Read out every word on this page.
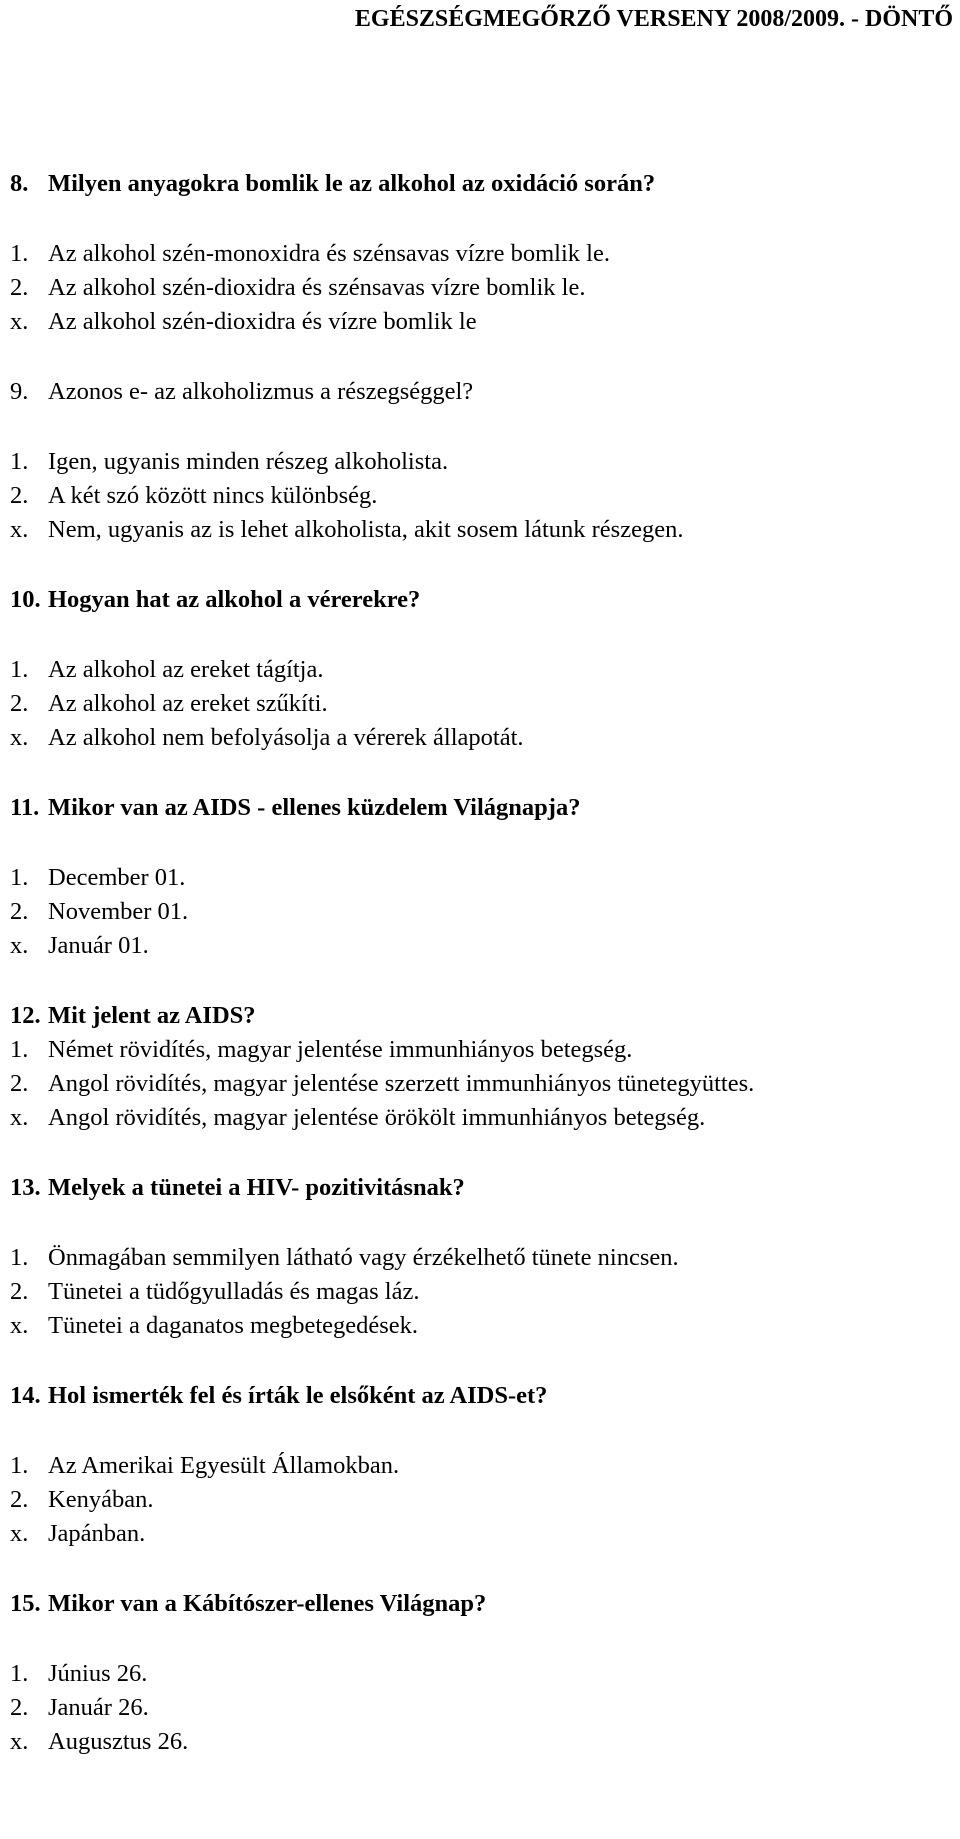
EGÉSZSÉGMEGŐRZŐ VERSENY 2008/2009. - DÖNTŐ
8. Milyen anyagokra bomlik le az alkohol az oxidáció során?
1. Az alkohol szén-monoxidra és szénsavas vízre bomlik le.
2. Az alkohol szén-dioxidra és szénsavas vízre bomlik le.
x. Az alkohol szén-dioxidra és vízre bomlik le
9. Azonos e- az alkoholizmus a részegséggel?
1. Igen, ugyanis minden részeg alkoholista.
2. A két szó között nincs különbség.
x. Nem, ugyanis az is lehet alkoholista, akit sosem látunk részegen.
10. Hogyan hat az alkohol a vérerekre?
1. Az alkohol az ereket tágítja.
2. Az alkohol az ereket szűkíti.
x. Az alkohol nem befolyásolja a vérerek állapotát.
11. Mikor van az AIDS - ellenes küzdelem Világnapja?
1. December 01.
2. November 01.
x. Január 01.
12. Mit jelent az AIDS?
1. Német rövidítés, magyar jelentése immunhiányos betegség.
2. Angol rövidítés, magyar jelentése szerzett immunhiányos tünetegyüttes.
x. Angol rövidítés, magyar jelentése örökölt immunhiányos betegség.
13. Melyek a tünetei a HIV- pozitivitásnak?
1. Önmagában semmilyen látható vagy érzékelhető tünete nincsen.
2. Tünetei a tüdőgyulladás és magas láz.
x. Tünetei a daganatos megbetegedések.
14. Hol ismerték fel és írták le elsőként az AIDS-et?
1. Az Amerikai Egyesült Államokban.
2. Kenyában.
x. Japánban.
15. Mikor van a Kábítószer-ellenes Világnap?
1. Június 26.
2. Január 26.
x. Augusztus 26.
